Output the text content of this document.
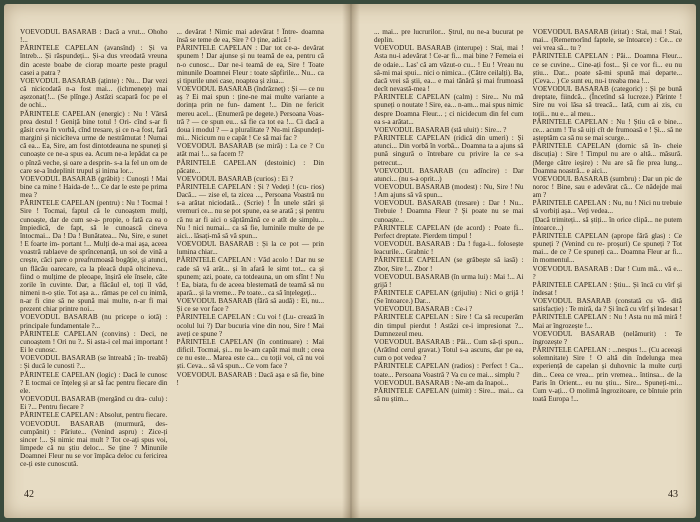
VOEVODUL BASARAB : Dacă a vrut... Ohoho !...

PĂRINTELE CAPELAN (avansînd) : Și va întreb... Și răspundeți... Și-a dus vreodată vreuna din aceste boabe de ciorap moarte peste pragul casei a patra ?

VOEVODUL BASARAB (aținte) : Nu... Dar vezi că nicicodată n-a fost mai... (ichmenețe) mai așezonat(!... (Se plînge.) Astăzi scapară foc pe el de ochi...

PĂRINTELE CAPELAN (energic) : Nu ! Vărsă prea destul ! Geniță bine totul ! Ori- cînd s-ar fi găsit ceva în vorbă, cînd tresare, și ce n-a fost, fară margini și nicicîteva urme de nestrămutat ! Numai că ea... Ea, Sire, am fost dintotdeauna ne spuneți și cunoaște ce ne-a spus ea. Acum ne-a lepădat ca pe o pînză veche, și oare a desprin- s-a la fel un om de care se-a îndeplinit trupul și inima lor...

VOEVODUL BASARAB (grăbit) : Cunoști ! Mai bine ca mine ! Haida-de !... Ce dar le este pe prima mea ?

PĂRINTELE CAPELAN (pentru) : Nu ! Tocmai ! Sire ! Tocmai, faptul că le cunoaștem mulți, cunoaște, dar de cum se-a- propie, o fată ca ea o împiedică, de fapt, să le cunoască cineva întocmai... Da ! Da ! Bunătatea... Nu, Sire, e sunet ! E foarte im- portant !... Mulți de-a mai așa, aceea voastră rablaeve de sprîncenanță, un soi de vină a crește, căci pare o preafrumoasă bogăție, și atunci, un flăcău oarecare, ca la pleacă după oltcineva... fiind o mulțime de pleoape, înșiră ele însele, câte zorile în cuvinte. Dar, a flăcăul el, toți îl văd, nimeni n-o știe. Tot așa a... rămas pe cel cu inimă, n-ar fi cine să ne spună mai multe, n-ar fi mai prezent chiar printre noi...

VOEVODUL BASARAB (nu pricepe o iotă) : principale fundamentale ?...

PĂRINTELE CAPELAN (convins) : Deci, ne cunoaștem ! Ori nu ?.. Si asta-i cel mai important ! Ei le cunosc.

VOEVODUL BASARAB (se întreabă ; în- treabă) : Și ducă le cunosti ?...

PĂRINTELE CAPELAN (logic) : Dacă le cunosc ? E tocmai ce înțeleg și ar să fac pentru fiecare din ele.

VOEVODUL BASARAB (mergând cu dra- culu) : Ei ?... Pentru fiecare ?

PĂRINTELE CAPELAN : Absolut, pentru fiecare.

VOEVODUL BASARAB (murmură, des- cumpănit) : Păriute... (Venind aspru) : Zice-ți sincer !... Și nimic mai mult ? Tot ce-ați spus voi, limpede că nu știu deloc... Se ține ? Minunile Doamnei Fleur nu se vor împăca deloc cu fericirea ce-ți este cunoscută.

... devărat ! Nimic mai adevărat ! Între- doamna însă se teme de ea, Sire ? O ține, adică !

PĂRINTELE CAPELAN : Dar tot ce-a- devărat spunem ! Dar ajunse și nu teamă de ea, pentru că n-o cunosc... Dar ne-i teamă de ea, Sire ! Toate minunile Doamnei Fleur : toate săpfirile... Nu... ca și tipurile unei case, noaptea și ziua...

VOEVODUL BASARAB (îndrăzneț) : Și — ce nu aș ? Ei mai spun : ține-ne mai multe variante a dorința prin ne fun- dament !... Din ne fericit mereu acel... (Enumeră pe degete.) Persoana Voas- tră ? — ce spun eu... să fie ca tot ea !... Ci dacă a doua i modul ? — a pluralitate ? Nu-mi răspundeți-mi... Nicicum nu e capăt ! Ce să mai fac ?

VOEVODUL BASARAB (se miră) : La ce ? Cu atât mai !... sa facem !?

PĂRINTELE CAPELAN (destoinic) : Din păcate...

VOEVODUL BASARAB (curios) : Ei ?

PĂRINTELE CAPELAN : Și ? Vedeți ! (cu- rios) Dacă... — zise el, ta zicea ..., Persoana Voastră nu s-a arătat niciodată... (Scrie) ! În unele stări și vremuri ce... nu se pot spune, ea se arată ; și pentru că nu ar fi aici o săptămână ce e atît de simplu... Nu ! nici numai... ca să fie, luminile multe de pe aici... lăsați-mă să vă spun...

VOEVODUL BASARAB : Și la ce pot — prin lumina chiar...

PĂRINTELE CAPELAN : Văd acolo ! Dar nu se cade să vă arăt... și în afară le simt tot... ca și spunem; azi, poate, ca totdeauna, un om sfînt ! Nu ! Ea, biata, fu de aceea blestemată de teamă să nu apară... și la vreme... Pe toate... ca să înțelegeți...

VOEVODUL BASARAB (fără să audă) : Ei, nu... Și ce se vor face ?

PĂRINTELE CAPELAN : Cu voi ! (Lu- crează în ocolul lui ?) Dar bucuria vine din nou, Sire ! Mai aveți ce spune ?

PĂRINTELE CAPELAN (în continuare) : Mai dificil. Tocmai, și... nu le-am capăt mai mult ; ceea ce nu este... Marea este ca... cu toții voi, că nu voi ști. Ceva... să vă spun... Ce vom face ?

VOEVODUL BASARAB : Dacă așa e să fie, bine !

42

... mai... pre lucrurilor... Ștrul, nu ne-a bucurat pe deplin.

VOEVODUL BASARAB (interupe) : Stai, mai ! Asta nu-i adevărat ! Ce-ar fi... mai bine ? Femeia ei de odaie... Las' că am văzut-o cu... ! Eu ! Vreau nu să-mi mai spui... nici o nimica... (Către ceilalți). Ba, dacă vrei să știi, ea... e mai tânără și mai frumoasă decît nevastă-mea !

PĂRINTELE CAPELAN (calm) : Sire... Nu mă spuneți o noutate ! Sire, ea... n-am... mai spus nimic despre Doamna Fleur... ; ci nicidecum din fel cum ea s-a arătat...

VOEVODUL BASARAB (stă uluit) : Sire... ?

PĂRINTELE CAPELAN (ridică din umeri) : Și atunci... Din vorbă în vorbă... Doamna ta a ajuns să pună singură o întrebare cu privire la ce s-a petrecut...

VOEVODUL BASARAB (cu adîncire) : Dar atunci... (nu s-a oprit...)

VOEVODUL BASARAB (modest) : Nu, Sire ! Nu ! Am ajuns să vă spun...

VOEVODUL BASARAB (tresare) : Dar ! Nu... Trebuie ! Doamna Fleur ? Și poate nu se mai cunoaște...

PĂRINTELE CAPELAN (de acord) : Poate fi... Perfect dreptate. Pierdem timpul !

VOEVODUL BASARAB : Da ! fuga-i... folosește leacurile... Grabnic !

PĂRINTELE CAPELAN (se grăbește să iasă) : Zbor, Sire !... Zbor !

VOEVODUL BASARAB (în urma lui) : Mai !... Ai grijă !

PĂRINTELE CAPELAN (grijuliu) : Nici o grijă ! (Se întoarce.) Dar...

VOEVODUL BASARAB : Ce-i ?

PĂRINTELE CAPELAN : Sire ! Ca să recuperăm din timpul pierdut ! Astăzi ce-i impresionat ?... Dumnezeul meu.

VOEVODUL BASARAB : Păi... Cum să-ți spun... (Arătînd cerul gravat.) Totul s-a ascuns, dar pe ea, cum o pot vedea ?

PĂRINTELE CAPELAN (radios) : Perfect ! Ca... toate... Persoana Voastră ? Va cu ce mai... simplu ?

VOEVODUL BASARAB : Ne-am da înapoi...

PĂRINTELE CAPELAN (uimit) : Sire... mai... ca să nu știm...

VOEVODUL BASARAB (iritat) : Stai, mai ! Stai, mai... (Rememorînd faptele, se întoarce) : Ce... ce vei vrea să... tu ?

PĂRINTELE CAPELAN : Păi... Doamna Fleur... ce se cuvine... Cine-ați fost... Și ce vor fi... eu nu știu... Dar... poate să-mi spună mai departe... (Ceva... ) Ce sunt eu, nu-i treaba mea !...

VOEVODUL BASARAB (categoric) : Și pe bună dreptate, fiindcă... (Încetînd să lucreze.) Părinte ! Sire nu voi lăsa să treacă... Iată, cum ai zis, cu toții... nu e... al meu...

PĂRINTELE CAPELAN : Nu ! Știu că e bine... ce... acum ! Tu să uiți cît de frumoasă e ! Și... să ne așteptăm ca să nu se mai scurge...

PĂRINTELE CAPELAN (dornic să în- cheie discuția) : Sire ! Timpul nu are o altă... măsură. (Merge către ieșire) : Nu are să fie prea lung... Doamna noastră... e aici...

VOEVODUL BASARAB (sumbru) : Dar un pic de noroc ! Bine, sau e adevărat că... Ce nădejde mai am ?

PĂRINTELE CAPELAN : Nu, nu ! Nici nu trebuie să vorbiți așa... Veți vedea...

(Dacă trimiteți... să știți... în orice clipă... ne putem întoarce...)

PĂRINTELE CAPELAN (aprope fără glas) : Ce spuneți ? (Venind cu re- proșuri) Ce spuneți ? Tot mai... de ce ? Ce spuneți ca... Doamna Fleur ar fi... în momentul...

VOEVODUL BASARAB : Dar ! Cum mă... vă e... ?

PĂRINTELE CAPELAN : Știu... Și încă cu vîrf și îndesat !

VOEVODUL BASARAB (constată cu vă- dită satisfacție) : Te miră, da ? Și încă cu vîrf și îndesat !

PĂRINTELE CAPELAN : Nu ! Asta nu mă miră ! Mai ar îngrozește !...

VOEVODUL BASARAB (nelămurit) : Te îngrozește ?

PĂRINTELE CAPELAN : ...nespus !... (Cu aceeași solemnitate) Sire ! O altă din îndelunga mea experiență de capelan și duhovnic la multe curți din... Ceea ce vrea... prin vremea... întinsa... de la Paris în Orient... eu nu știu... Sire... Spuneți-mi... Cum v-ați... O molimă îngrozitoare, ce bîntuie prin toată Europa !...

43
